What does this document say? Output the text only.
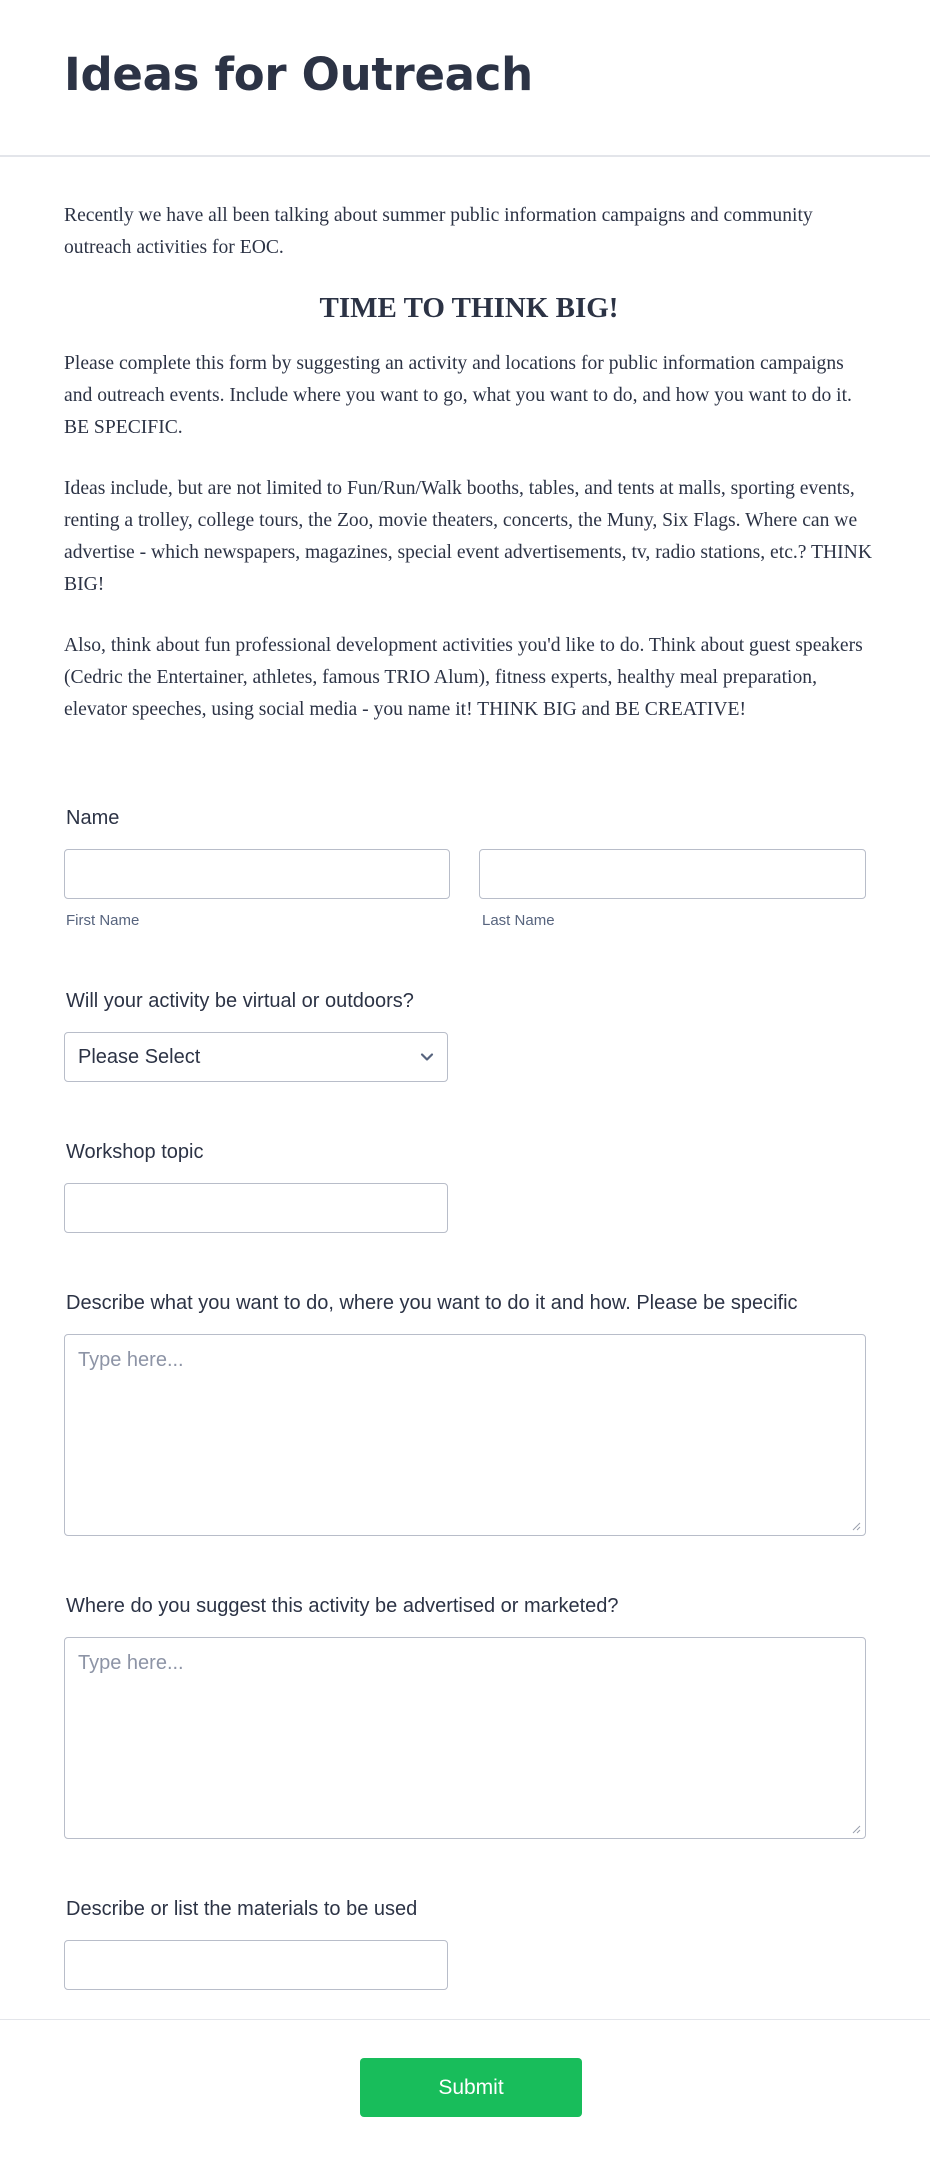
Ideas for Outreach

Recently we have all been talking about summer public information campaigns and community outreach activities for EOC.

TIME TO THINK BIG!

Please complete this form by suggesting an activity and locations for public information campaigns and outreach events. Include where you want to go, what you want to do, and how you want to do it. BE SPECIFIC.

Ideas include, but are not limited to Fun/Run/Walk booths, tables, and tents at malls, sporting events, renting a trolley, college tours, the Zoo, movie theaters, concerts, the Muny, Six Flags. Where can we advertise - which newspapers, magazines, special event advertisements, tv, radio stations, etc.? THINK BIG!

Also, think about fun professional development activities you'd like to do. Think about guest speakers (Cedric the Entertainer, athletes, famous TRIO Alum), fitness experts, healthy meal preparation, elevator speeches, using social media - you name it! THINK BIG and BE CREATIVE!

Name
First Name	Last Name
Will your activity be virtual or outdoors?
Please Select
Workshop topic
Describe what you want to do, where you want to do it and how. Please be specific
Type here...
Where do you suggest this activity be advertised or marketed?
Type here...
Describe or list the materials to be used
Submit
